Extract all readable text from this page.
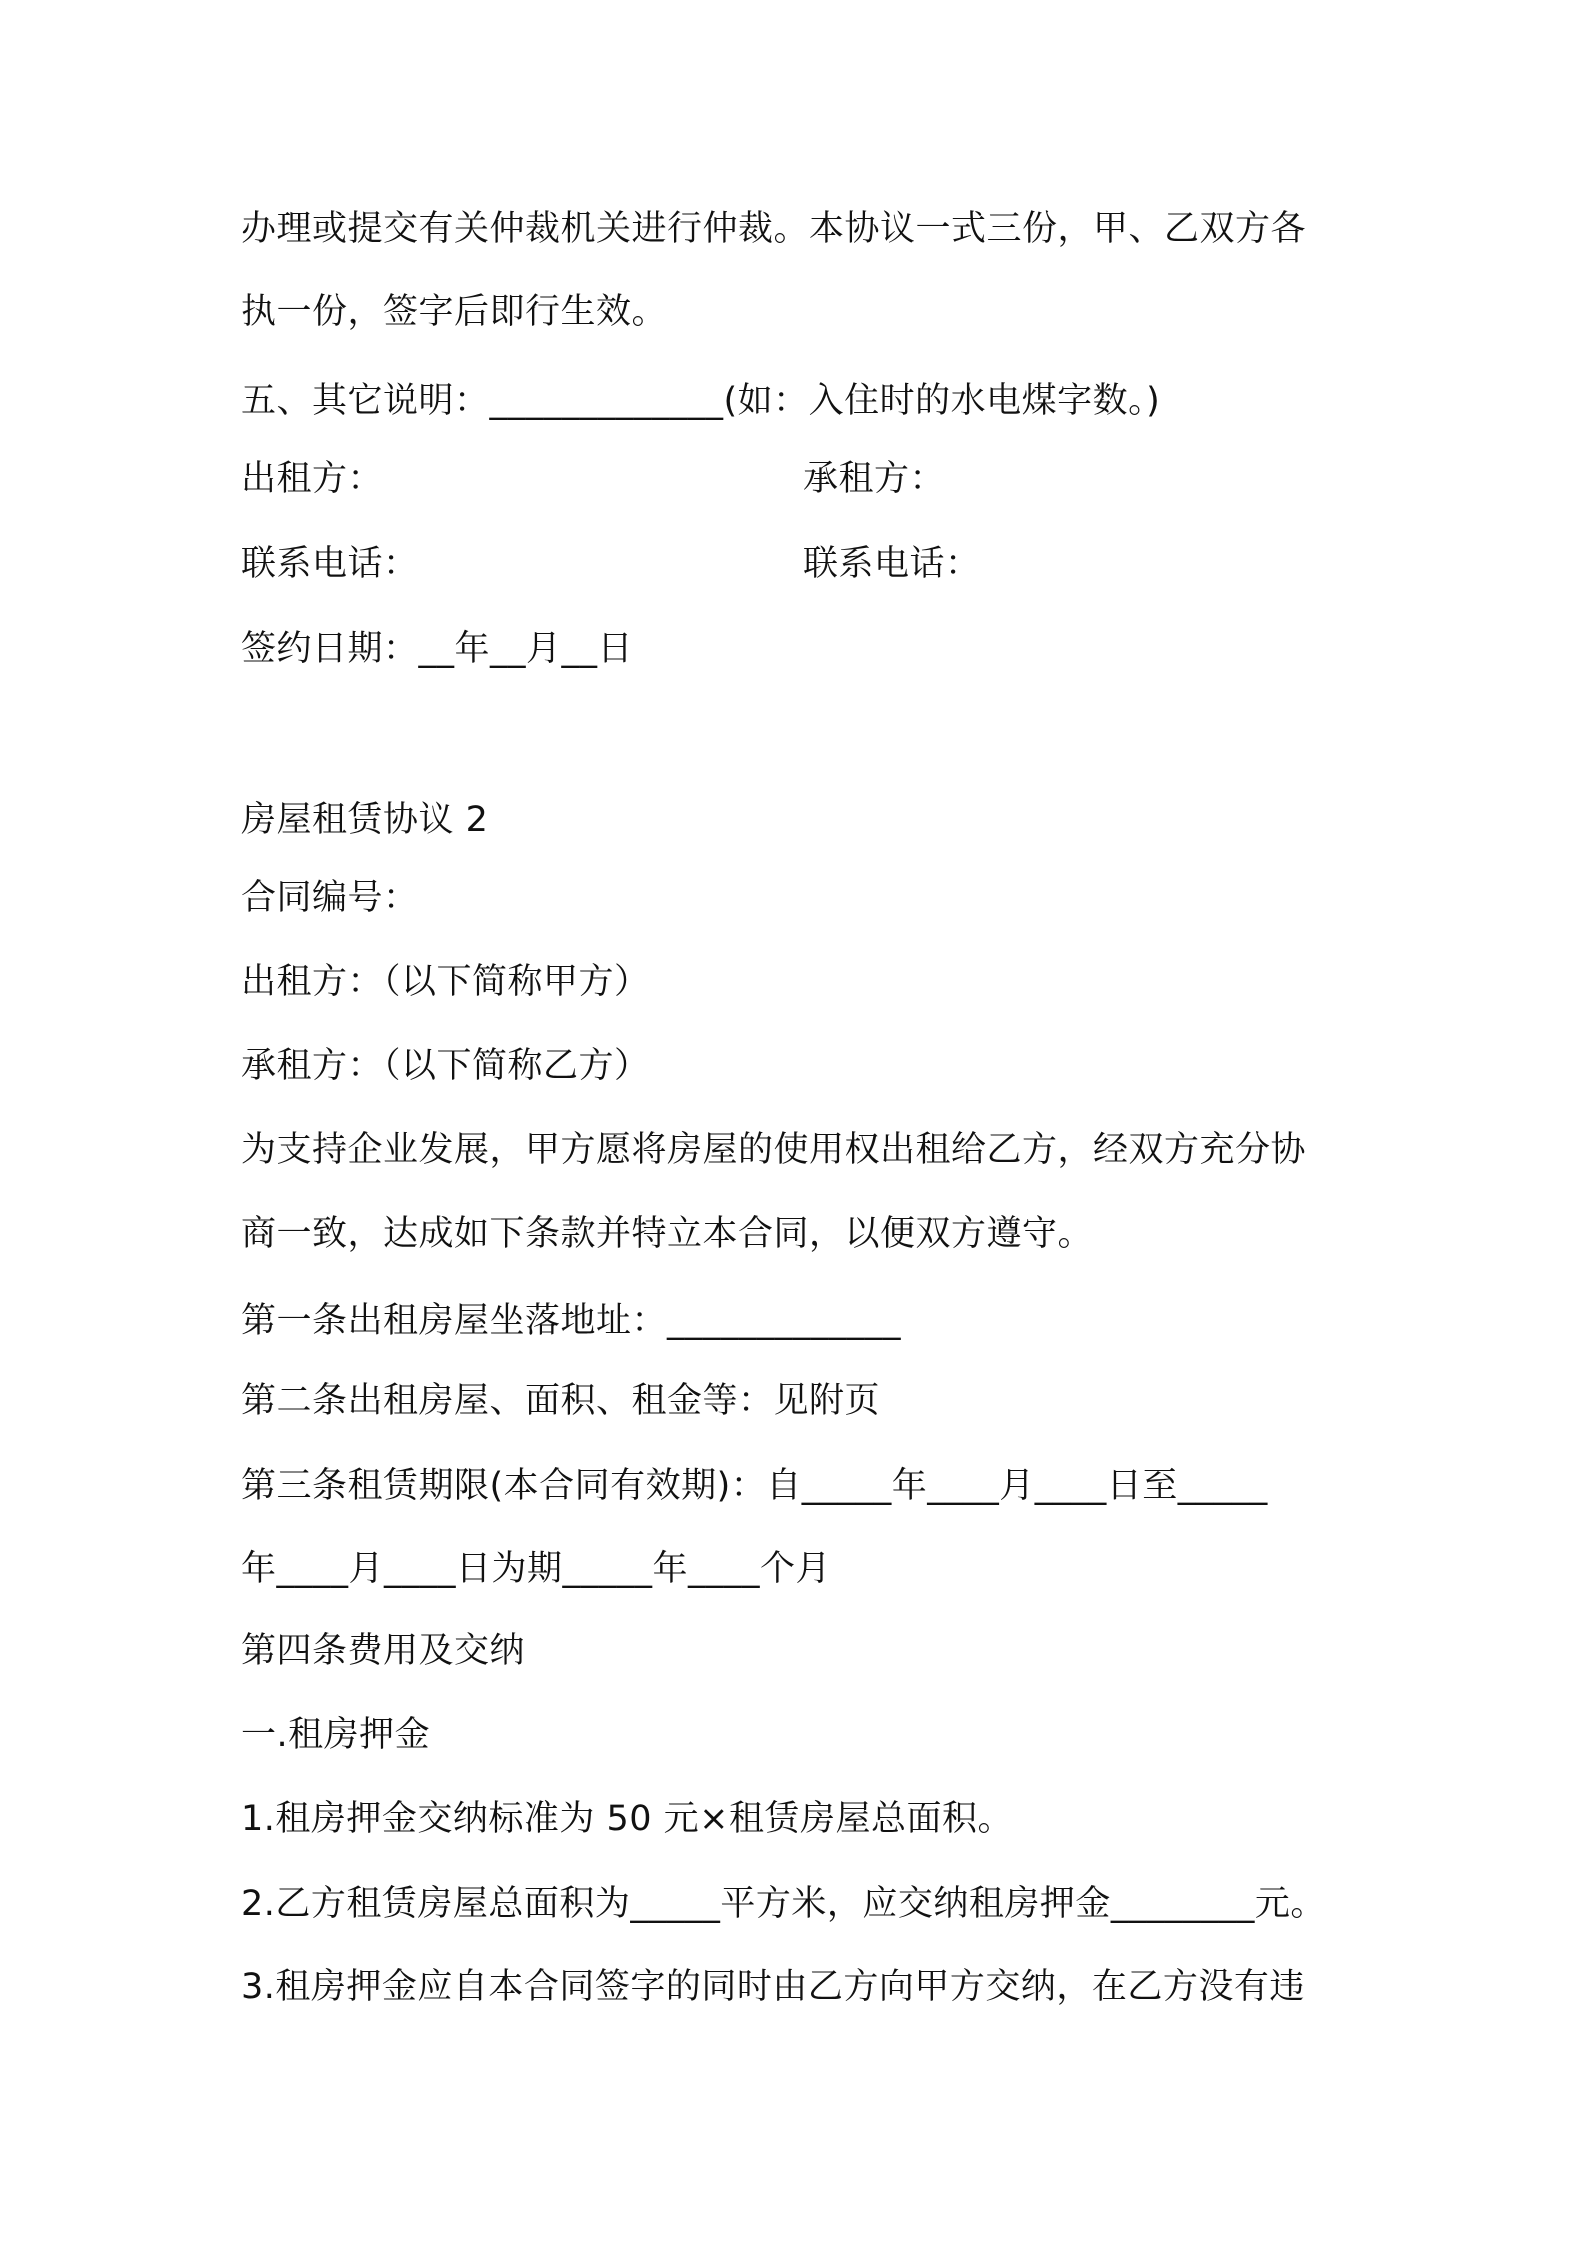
办理或提交有关仲裁机关进行仲裁。本协议一式三份，甲、乙双方各
执一份，签字后即行生效。
五、其它说明：_____________(如：入住时的水电煤字数。)
出租方：	承租方：
联系电话：	联系电话：
签约日期：__年__月__日
房屋租赁协议 2
合同编号：
出租方：（以下简称甲方）
承租方：（以下简称乙方）
为支持企业发展，甲方愿将房屋的使用权出租给乙方，经双方充分协
商一致，达成如下条款并特立本合同，以便双方遵守。
第一条出租房屋坐落地址：_____________
第二条出租房屋、面积、租金等：见附页
第三条租赁期限(本合同有效期)：自_____年____月____日至_____
年____月____日为期_____年____个月
第四条费用及交纳
一.租房押金
1.租房押金交纳标准为 50 元×租赁房屋总面积。
2.乙方租赁房屋总面积为_____平方米，应交纳租房押金________元。
3.租房押金应自本合同签字的同时由乙方向甲方交纳，在乙方没有违
